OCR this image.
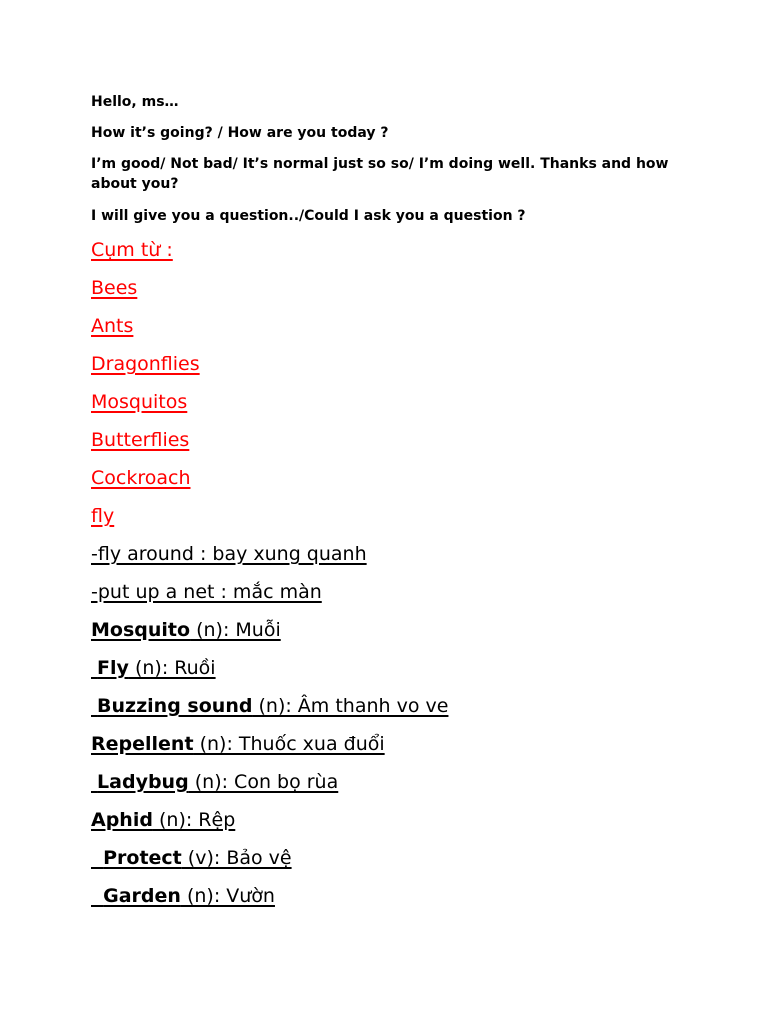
Hello, ms…
How it’s going? / How are you today ?
I’m good/ Not bad/ It’s normal just so so/ I’m doing well. Thanks and how about you?
I will give you a question../Could I ask you a question ?
Cụm từ :
Bees
Ants
Dragonflies
Mosquitos
Butterflies
Cockroach
fly
-fly around : bay xung quanh
-put up a net : mắc màn
Mosquito (n): Muỗi
Fly (n): Ruồi
Buzzing sound (n): Âm thanh vo ve
Repellent (n): Thuốc xua đuổi
Ladybug (n): Con bọ rùa
Aphid (n): Rệp
Protect (v): Bảo vệ
Garden (n): Vườn
